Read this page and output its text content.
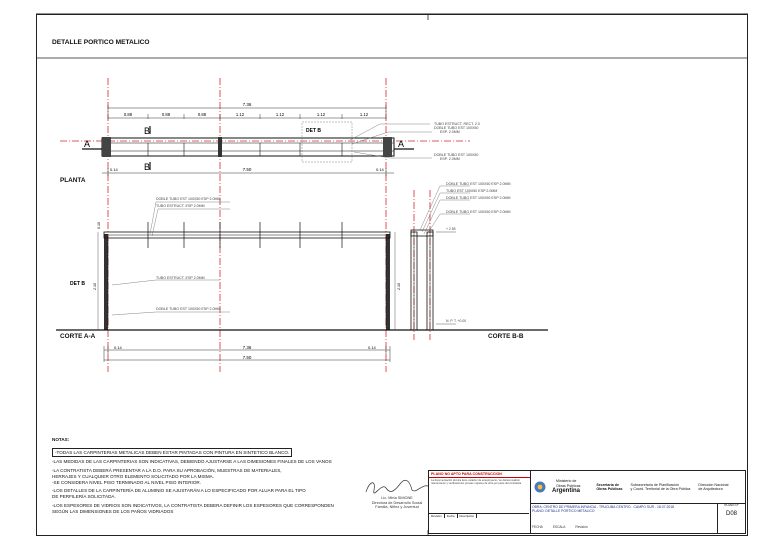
DETALLE PORTICO METALICO
7.36
0.88	0.88	0.88	1.12	1.12	1.12	1.12
DET B
A	A
B
B
0.14	7.50	0.14
TUBO ESTRUCT. RECT. 2.0
DOBLE TUBO EST 100X50
ESP. 2.0MM
DOBLE TUBO EST 100X50
ESP. 2.0MM
DOBLE TUBO EST 100X50 ESP 2.0MM
TUBO ESTRUCT. ESP 2.0MM
TUBO ESTRUCT. ESP 2.0MM
DOBLE TUBO EST 100X50 ESP 2.0MM
DET B
0.10
2.10	2.10
0.14	7.36	0.14
7.50
DOBLE TUBO EST 100X50 ESP 2.0MM
TUBO EST 100X50 ESP 2.0MM
DOBLE TUBO EST 100X50 ESP 2.0MM
DOBLE TUBO EST 100X50 ESP 2.0MM
+ 2.55
N. P. T. +0.00
PLANTA
CORTE A-A	CORTE B-B
NOTAS:
-TODAS LAS CARPINTERIAS METALICAS DEBEN ESTAR PINTADAS CON PINTURA EN SINTETICO BLANCO.
-LAS MEDIDAS DE LAS CARPINTERIAS SON INDICATIVAS, DEBIENDO AJUSTARSE A LAS DIMESIONES FINALES DE LOS VANOS
-LA CONTRATISTA DEBERÁ PRESENTAR A LA D.O. PARA SU APROBACIÓN, MUESTRAS DE MATERIALES,
HERRAJES Y CUALQUIER OTRO ELEMENTO SOLICITADO POR LA MISMA.
-SE CONSIDERA NIVEL PISO TERMINADO AL NIVEL PISO INTERIOR.
-LOS DETALLES DE LA CARPINTERÍA DE ALUMINIO SE AJUSTARÁN A LO ESPECIFICADO POR ALUAR PARA EL TIPO
DE PERFILERÍA SOLICITADA.
-LOS ESPESORES DE VIDRIOS SON INDICATIVOS, LA CONTRATISTA DEBERA DEFINIR LOS ESPESORES QUE CORRESPONDEN
SEGÚN LAS DIMENSIONES DE LOS PAÑOS VIDRIADOS
Lic. Mirta SIMONE
Directora de Desarrollo Social
Familia, Niñez y Juventud
PLANO NO APTO PARA CONSTRUCCION
La documentación técnica tiene carácter de anteproyecto / se deberá realizar relevamiento y verificaciones previas / ajustes de obra por parte del contratista
Revisión	Fecha	Descripción
Ministerio de
Obras Públicas
Argentina
Secretaría de
Obras Públicas
Subsecretaría de Planificación
y Coord. Territorial de la Obra Pública
Dirección Nacional
de Arquitectura
OBRA: CENTRO DE PRIMERA INFANCIA - TRUCUBA CENTRO - CAMPO SUR - 18.07.2018
PLANO: DETALLE PORTICO METALICO
FECHA	ESCALA	Revisión
PLANO N°
D08
